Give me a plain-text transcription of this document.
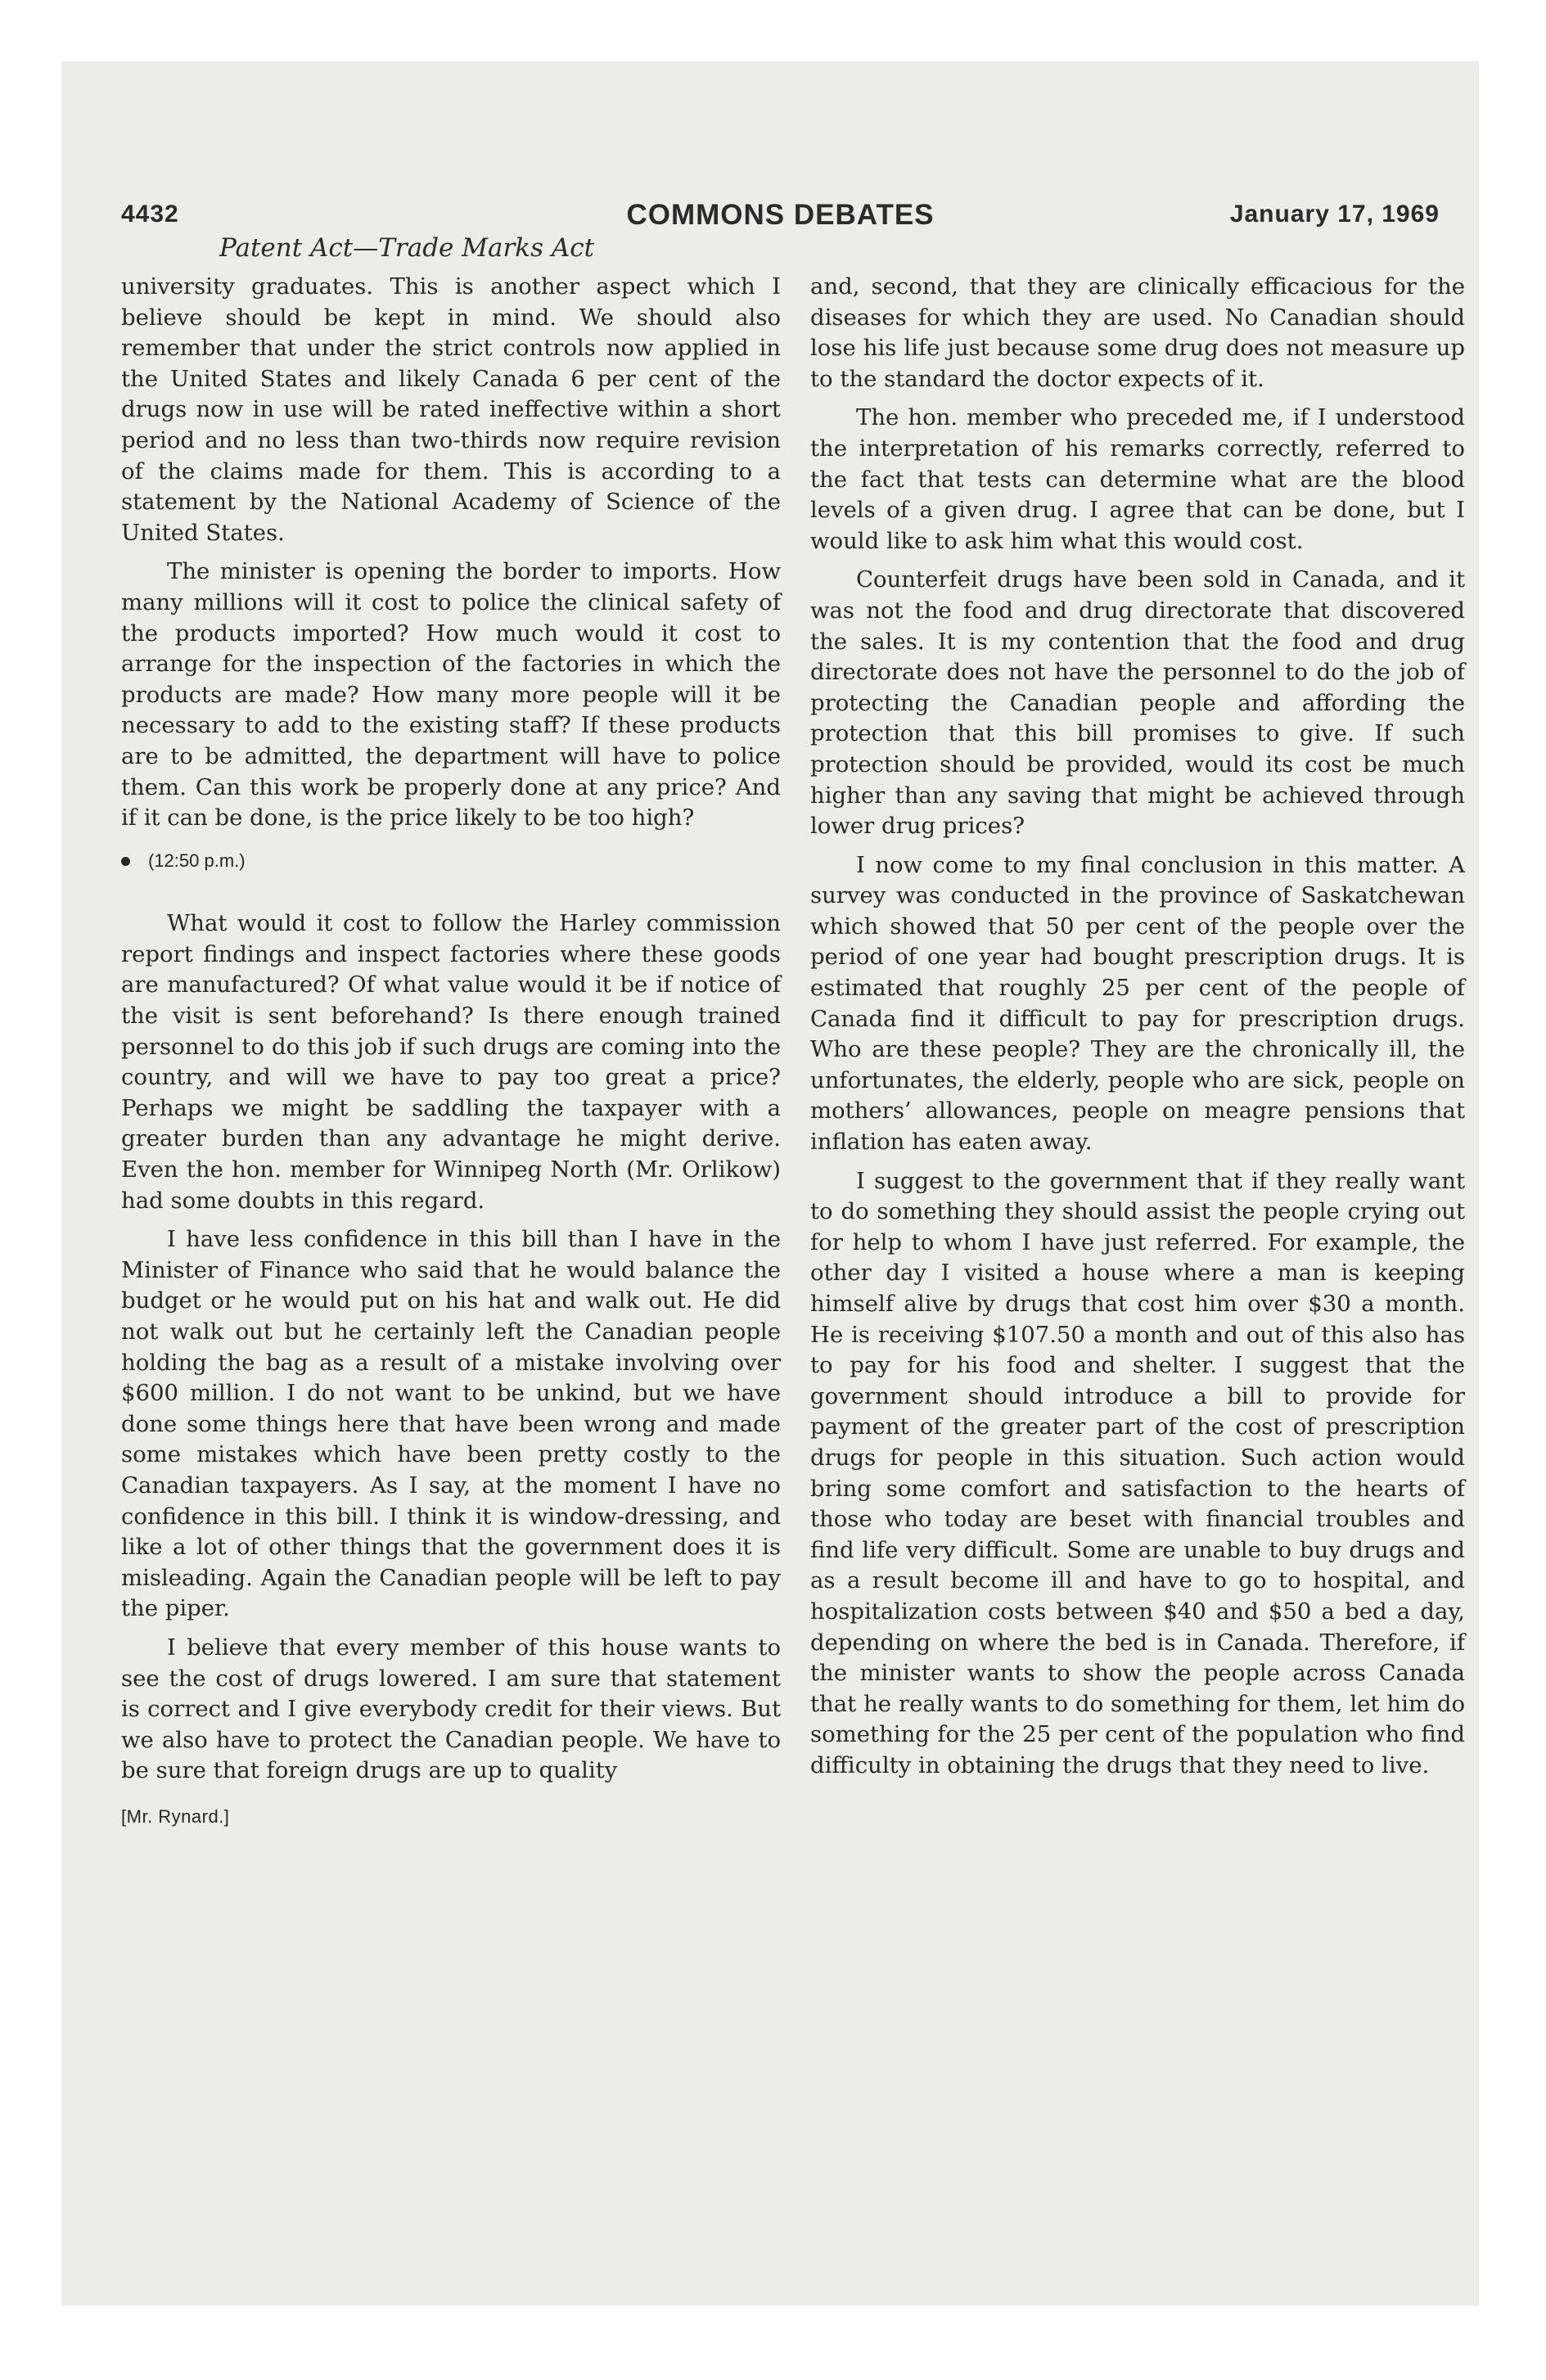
4432	COMMONS DEBATES	January 17, 1969
Patent Act—Trade Marks Act

university graduates. This is another aspect which I believe should be kept in mind. We should also remember that under the strict controls now applied in the United States and likely Canada 6 per cent of the drugs now in use will be rated ineffective within a short period and no less than two-thirds now require revision of the claims made for them. This is according to a statement by the National Academy of Science of the United States.

The minister is opening the border to imports. How many millions will it cost to police the clinical safety of the products imported? How much would it cost to arrange for the inspection of the factories in which the products are made? How many more people will it be necessary to add to the existing staff? If these products are to be admitted, the department will have to police them. Can this work be properly done at any price? And if it can be done, is the price likely to be too high?

(12:50 p.m.)

What would it cost to follow the Harley commission report findings and inspect factories where these goods are manufactured? Of what value would it be if notice of the visit is sent beforehand? Is there enough trained personnel to do this job if such drugs are coming into the country, and will we have to pay too great a price? Perhaps we might be saddling the taxpayer with a greater burden than any advantage he might derive. Even the hon. member for Winnipeg North (Mr. Orlikow) had some doubts in this regard.

I have less confidence in this bill than I have in the Minister of Finance who said that he would balance the budget or he would put on his hat and walk out. He did not walk out but he certainly left the Canadian people holding the bag as a result of a mistake involving over $600 million. I do not want to be unkind, but we have done some things here that have been wrong and made some mistakes which have been pretty costly to the Canadian taxpayers. As I say, at the moment I have no confidence in this bill. I think it is window-dressing, and like a lot of other things that the government does it is misleading. Again the Canadian people will be left to pay the piper.

I believe that every member of this house wants to see the cost of drugs lowered. I am sure that statement is correct and I give everybody credit for their views. But we also have to protect the Canadian people. We have to be sure that foreign drugs are up to quality

[Mr. Rynard.]

and, second, that they are clinically efficacious for the diseases for which they are used. No Canadian should lose his life just because some drug does not measure up to the standard the doctor expects of it.

The hon. member who preceded me, if I understood the interpretation of his remarks correctly, referred to the fact that tests can determine what are the blood levels of a given drug. I agree that can be done, but I would like to ask him what this would cost.

Counterfeit drugs have been sold in Canada, and it was not the food and drug directorate that discovered the sales. It is my contention that the food and drug directorate does not have the personnel to do the job of protecting the Canadian people and affording the protection that this bill promises to give. If such protection should be provided, would its cost be much higher than any saving that might be achieved through lower drug prices?

I now come to my final conclusion in this matter. A survey was conducted in the province of Saskatchewan which showed that 50 per cent of the people over the period of one year had bought prescription drugs. It is estimated that roughly 25 per cent of the people of Canada find it difficult to pay for prescription drugs. Who are these people? They are the chronically ill, the unfortunates, the elderly, people who are sick, people on mothers’ allowances, people on meagre pensions that inflation has eaten away.

I suggest to the government that if they really want to do something they should assist the people crying out for help to whom I have just referred. For example, the other day I visited a house where a man is keeping himself alive by drugs that cost him over $30 a month. He is receiving $107.50 a month and out of this also has to pay for his food and shelter. I suggest that the government should introduce a bill to provide for payment of the greater part of the cost of prescription drugs for people in this situation. Such action would bring some comfort and satisfaction to the hearts of those who today are beset with financial troubles and find life very difficult. Some are unable to buy drugs and as a result become ill and have to go to hospital, and hospitalization costs between $40 and $50 a bed a day, depending on where the bed is in Canada. Therefore, if the minister wants to show the people across Canada that he really wants to do something for them, let him do something for the 25 per cent of the population who find difficulty in obtaining the drugs that they need to live.
